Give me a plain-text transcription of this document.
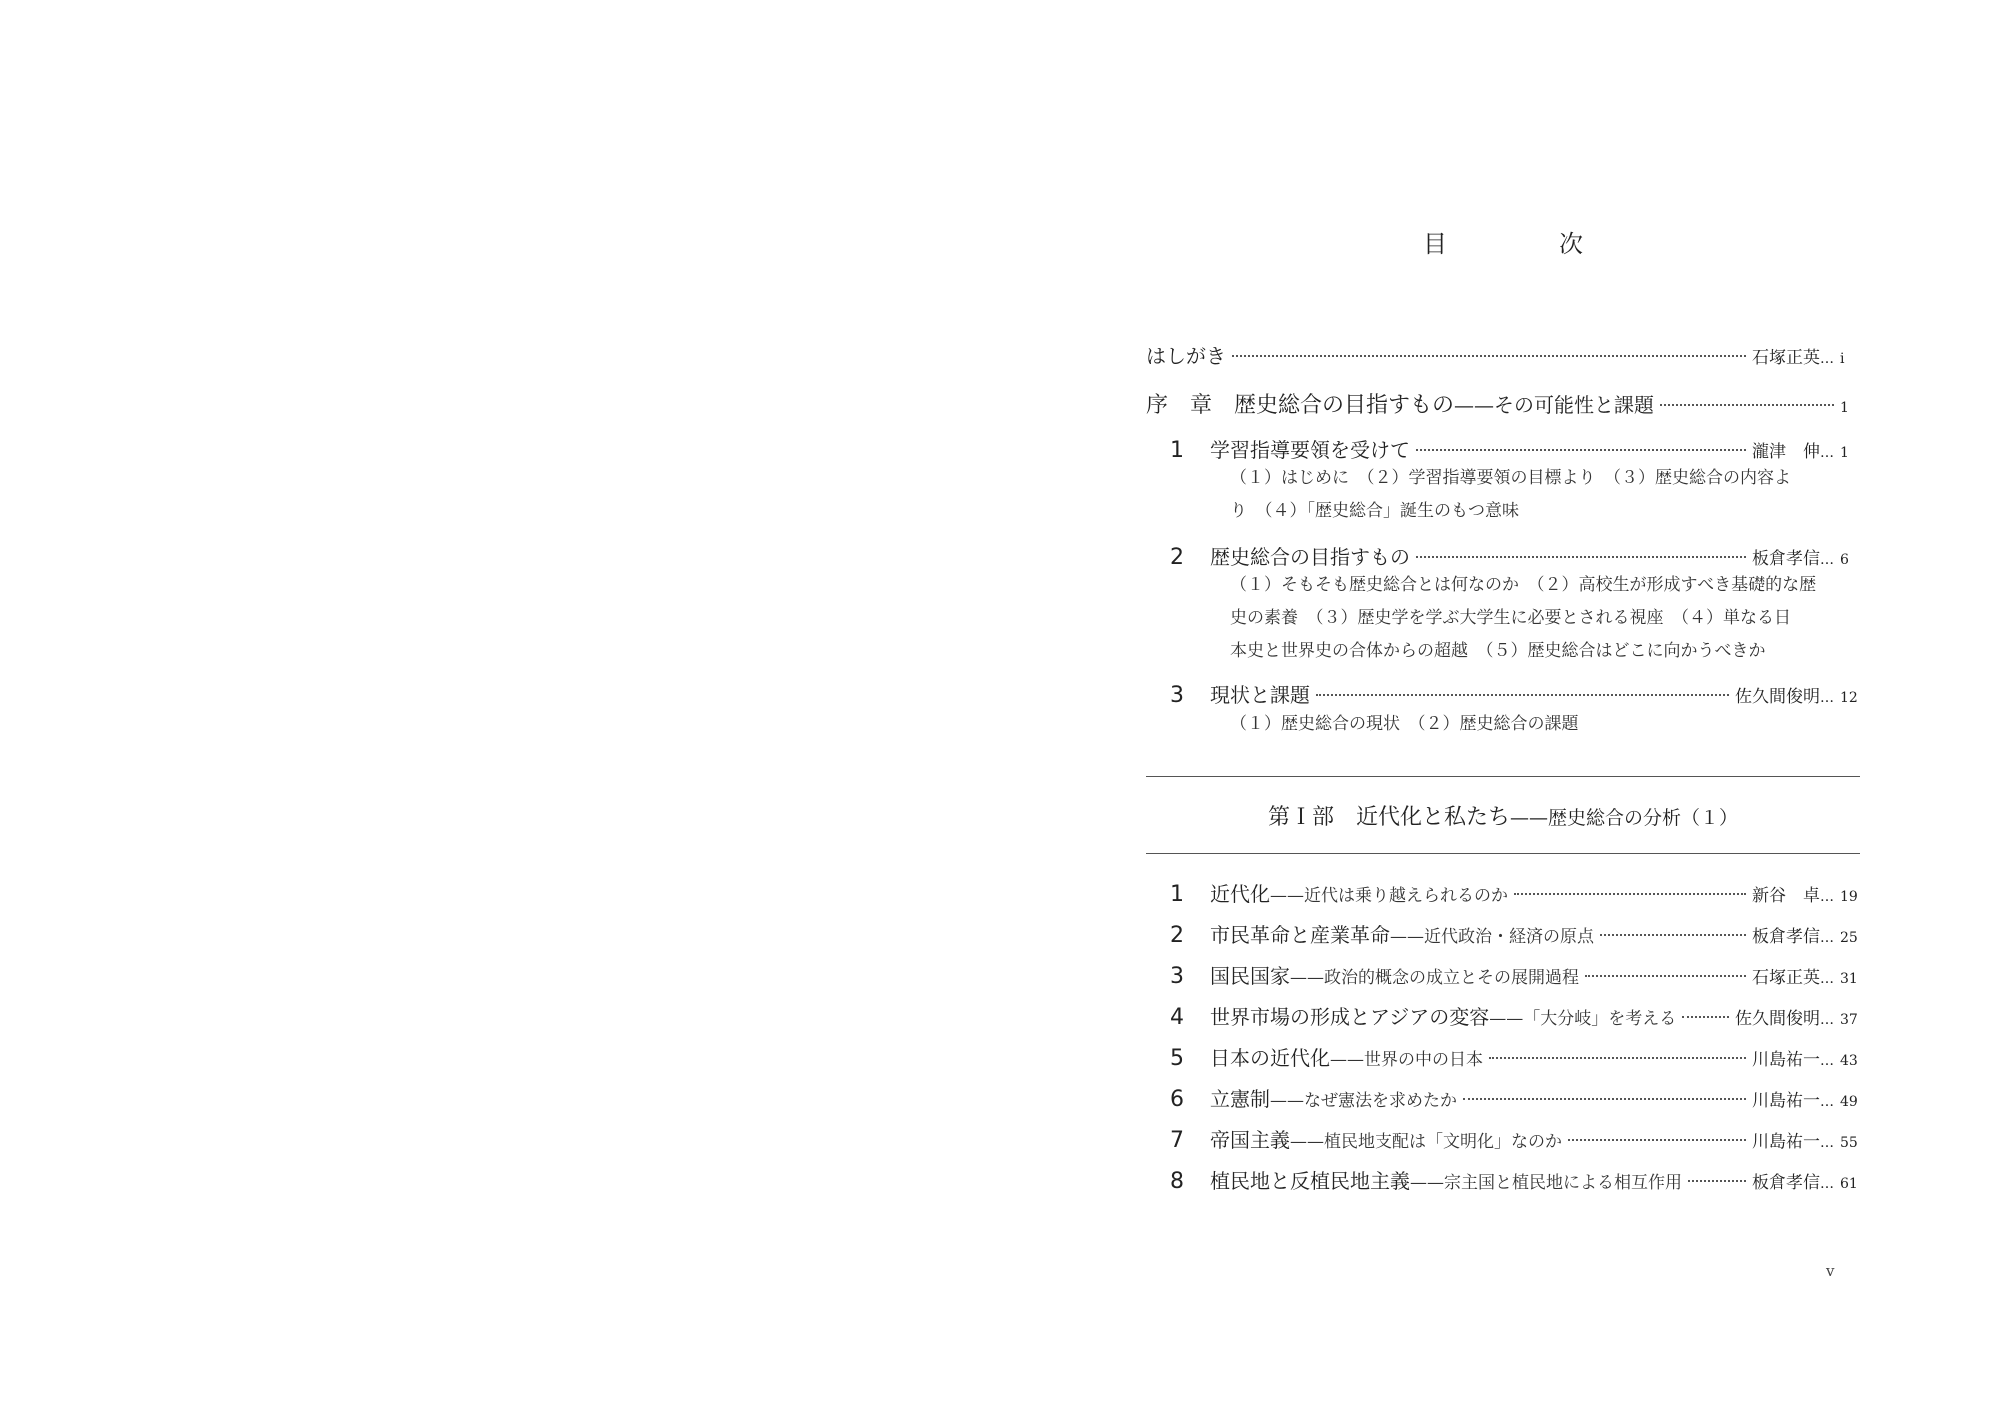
目　次
はしがき	石塚正英 … i
序　章 歴史総合の目指すもの ——その可能性と課題	1
1	学習指導要領を受けて	瀧津　伸 … 1
（１）はじめに　（２）学習指導要領の目標より　（３）歴史総合の内容よ
り　（４）「歴史総合」誕生のもつ意味
2	歴史総合の目指すもの	板倉孝信 … 6
（１）そもそも歴史総合とは何なのか　（２）高校生が形成すべき基礎的な歴
史の素養　（３）歴史学を学ぶ大学生に必要とされる視座　（４）単なる日
本史と世界史の合体からの超越　（５）歴史総合はどこに向かうべきか
3	現状と課題	佐久間俊明 … 12
（１）歴史総合の現状　（２）歴史総合の課題
第Ｉ部　近代化と私たち——歴史総合の分析（１）
1	近代化 ——近代は乗り越えられるのか	新谷　卓 … 19
2	市民革命と産業革命 ——近代政治・経済の原点	板倉孝信 … 25
3	国民国家 ——政治的概念の成立とその展開過程	石塚正英 … 31
4	世界市場の形成とアジアの変容 ——「大分岐」を考える	佐久間俊明 … 37
5	日本の近代化 ——世界の中の日本	川島祐一 … 43
6	立憲制 ——なぜ憲法を求めたか	川島祐一 … 49
7	帝国主義 ——植民地支配は「文明化」なのか	川島祐一 … 55
8	植民地と反植民地主義 ——宗主国と植民地による相互作用	板倉孝信 … 61
v
